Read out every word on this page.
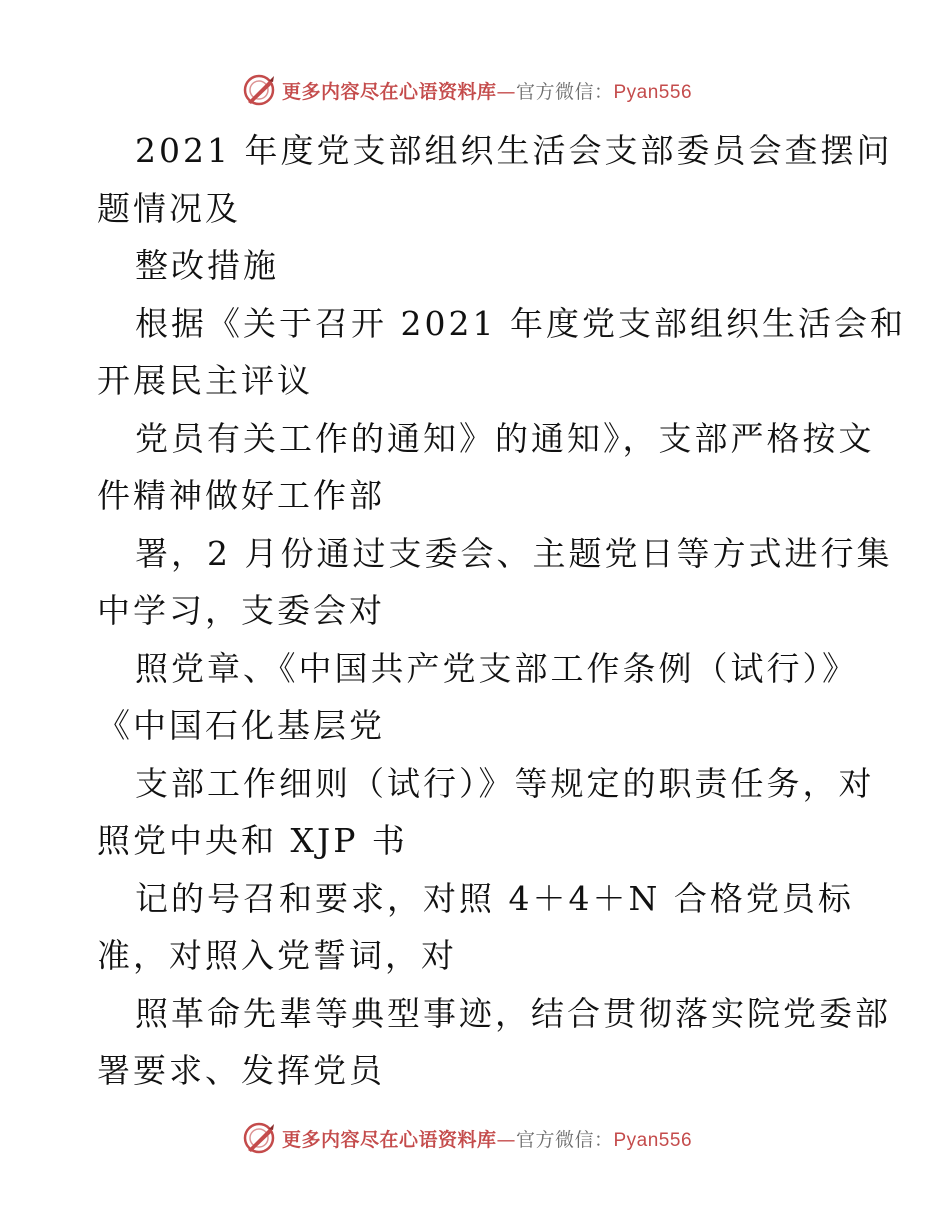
更多内容尽在心语资料库—官方微信：Pyan556
2021 年度党支部组织生活会支部委员会查摆问
题情况及
整改措施
根据《关于召开 2021 年度党支部组织生活会和
开展民主评议
党员有关工作的通知》的通知》，支部严格按文
件精神做好工作部
署，2 月份通过支委会、主题党日等方式进行集
中学习，支委会对
照党章、《中国共产党支部工作条例（试行）》
《中国石化基层党
支部工作细则（试行）》等规定的职责任务，对
照党中央和 XJP 书
记的号召和要求，对照 4＋4＋N 合格党员标
准，对照入党誓词，对
照革命先辈等典型事迹，结合贯彻落实院党委部
署要求、发挥党员
更多内容尽在心语资料库—官方微信：Pyan556
